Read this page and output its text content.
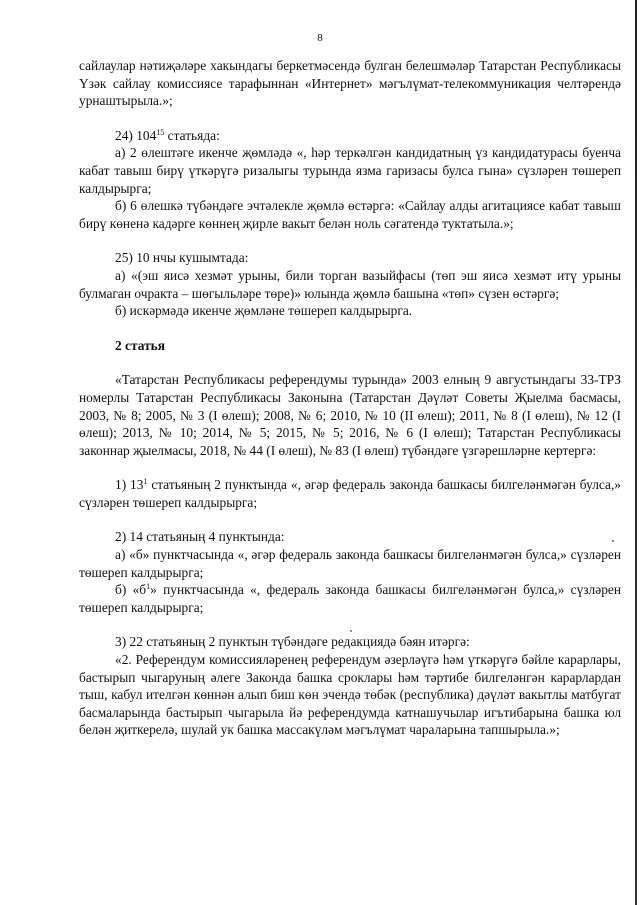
8

сайлаулар нәтиҗәләре хакындагы беркетмәсендә булган белешмәләр Татарстан Республикасы Үзәк сайлау комиссиясе тарафыннан «Интернет» мәгълүмат-телекоммуникация челтәрендә урнаштырыла.»;

24) $104^{15}$ статьяда:

а) 2 өлештәге икенче җөмләдә «, һәр теркәлгән кандидатның үз кандидатурасы буенча кабат тавыш бирү үткәрүгә ризалыгы турында язма гаризасы булса гына» сүзләрен төшереп калдырырга;

б) 6 өлешкә түбәндәге эчтәлекле җөмлә өстәргә: «Сайлау алды агитациясе кабат тавыш бирү көненә кадәрге көннең җирле вакыт белән ноль сәгатендә туктатыла.»;

25) 10 нчы кушымтада:

а) «(эш яисә хезмәт урыны, били торган вазыйфасы (төп эш яисә хезмәт итү урыны булмаган очракта – шөгыльләре төре)» юлында җөмлә башына «төп» сүзен өстәргә;

б) искәрмәдә икенче җөмләне төшереп калдырырга.

2 статья

«Татарстан Республикасы референдумы турында» 2003 елның 9 августындагы 33-ТРЗ номерлы Татарстан Республикасы Законына (Татарстан Дәүләт Советы Җыелма басмасы, 2003, № 8; 2005, № 3 (I өлеш); 2008, № 6; 2010, № 10 (II өлеш); 2011, № 8 (I өлеш), № 12 (I өлеш); 2013, № 10; 2014, № 5; 2015, № 5; 2016, № 6 (I өлеш); Татарстан Республикасы законнар җыелмасы, 2018, № 44 (I өлеш), № 83 (I өлеш) түбәндәге үзгәрешләрне кертергә:

1) $13^1$ статьяның 2 пунктында «, әгәр федераль законда башкасы билгеләнмәгән булса,» сүзләрен төшереп калдырырга;

2) 14 статьяның 4 пунктында:

а) «б» пунктчасында «, әгәр федераль законда башкасы билгеләнмәгән булса,» сүзләрен төшереп калдырырга;

б) «$б^1$» пунктчасында «, федераль законда башкасы билгеләнмәгән булса,» сүзләрен төшереп калдырырга;

3) 22 статьяның 2 пунктын түбәндәге редакциядә бәян итәргә:

«2. Референдум комиссияләренең референдум әзерләүгә һәм үткәрүгә бәйле карарлары, бастырып чыгаруның әлеге Законда башка сроклары һәм тәртибе билгеләнгән карарлардан тыш, кабул ителгән көннән алып биш көн эчендә төбәк (республика) дәүләт вакытлы матбугат басмаларында бастырып чыгарыла йә референдумда катнашучылар игътибарына башка юл белән җиткерелә, шулай ук башка массакүләм мәгълүмат чараларына тапшырыла.»;
